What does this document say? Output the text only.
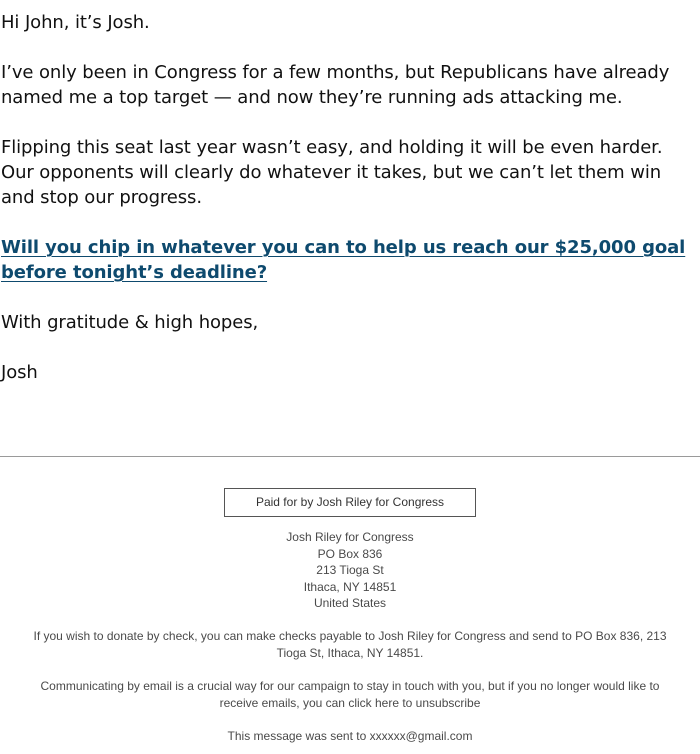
Hi John, it’s Josh.

I’ve only been in Congress for a few months, but Republicans have already named me a top target — and now they’re running ads attacking me.

Flipping this seat last year wasn’t easy, and holding it will be even harder. Our opponents will clearly do whatever it takes, but we can’t let them win and stop our progress.

Will you chip in whatever you can to help us reach our $25,000 goal before tonight’s deadline?

With gratitude & high hopes,

Josh

Paid for by Josh Riley for Congress
Josh Riley for Congress
PO Box 836
213 Tioga St
Ithaca, NY 14851
United States
If you wish to donate by check, you can make checks payable to Josh Riley for Congress and send to PO Box 836, 213 Tioga St, Ithaca, NY 14851.
Communicating by email is a crucial way for our campaign to stay in touch with you, but if you no longer would like to receive emails, you can click here to unsubscribe
This message was sent to xxxxxx@gmail.com
